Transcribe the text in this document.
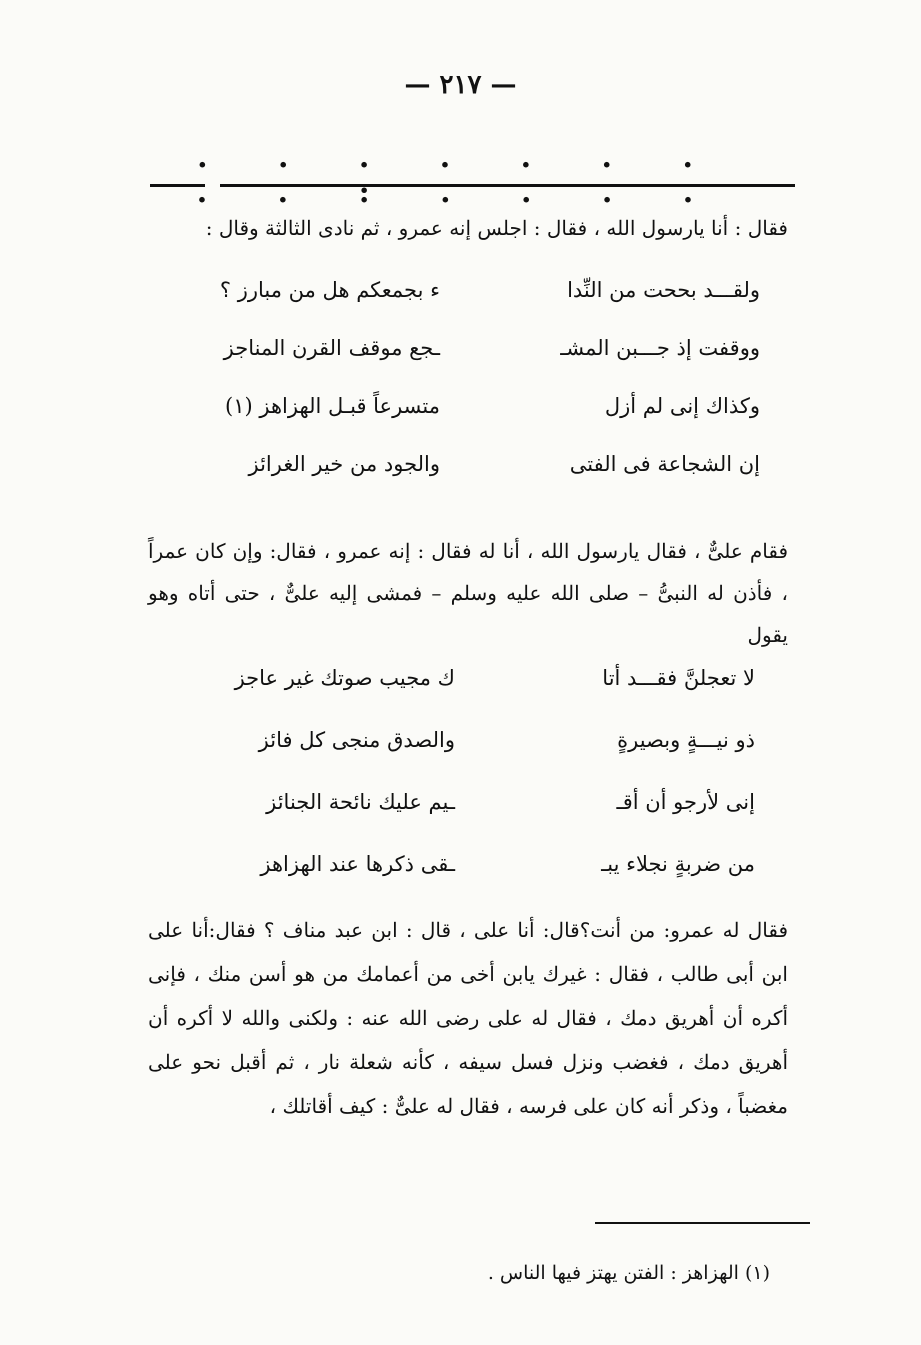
— ٢١٧ —
. . . . . . . . . : . . . .

فقال : أنا يارسول الله ، فقال : اجلس إنه عمرو ، ثم نادى الثالثة وقال :

ولقـــد بححت من النِّدا
ء بجمعكم هل من مبارز ؟
ووقفت إذ جـــبن المشـ
ـجع موقف القرن المناجز
وكذاك إنى لم أزل
متسرعاً قبـل الهزاهز (١)
إن الشجاعة فى الفتى
والجود من خير الغرائز

فقام علىٌّ ، فقال يارسول الله ، أنا له فقال : إنه عمرو ، فقال: وإن كان عمراً ، فأذن له النبىُّ – صلى الله عليه وسلم – فمشى إليه علىٌّ ، حتى أتاه وهو يقول

لا تعجلنَّ فقـــد أتا
ك مجيب صوتك غير عاجز
ذو نيـــةٍ وبصيرةٍ
والصدق منجى كل فائز
إنى لأرجو أن أقـ
ـيم عليك نائحة الجنائز
من ضربةٍ نجلاء يبـ
ـقى ذكرها عند الهزاهز

فقال له عمرو: من أنت؟قال: أنا على ، قال : ابن عبد مناف ؟ فقال:أنا على ابن أبى طالب ، فقال : غيرك يابن أخى من أعمامك من هو أسن منك ، فإنى أكره أن أهريق دمك ، فقال له على رضى الله عنه : ولكنى والله لا أكره أن أهريق دمك ، فغضب ونزل فسل سيفه ، كأنه شعلة نار ، ثم أقبل نحو على مغضباً ، وذكر أنه كان على فرسه ، فقال له علىٌّ : كيف أقاتلك ،

(١) الهزاهز : الفتن يهتز فيها الناس .
